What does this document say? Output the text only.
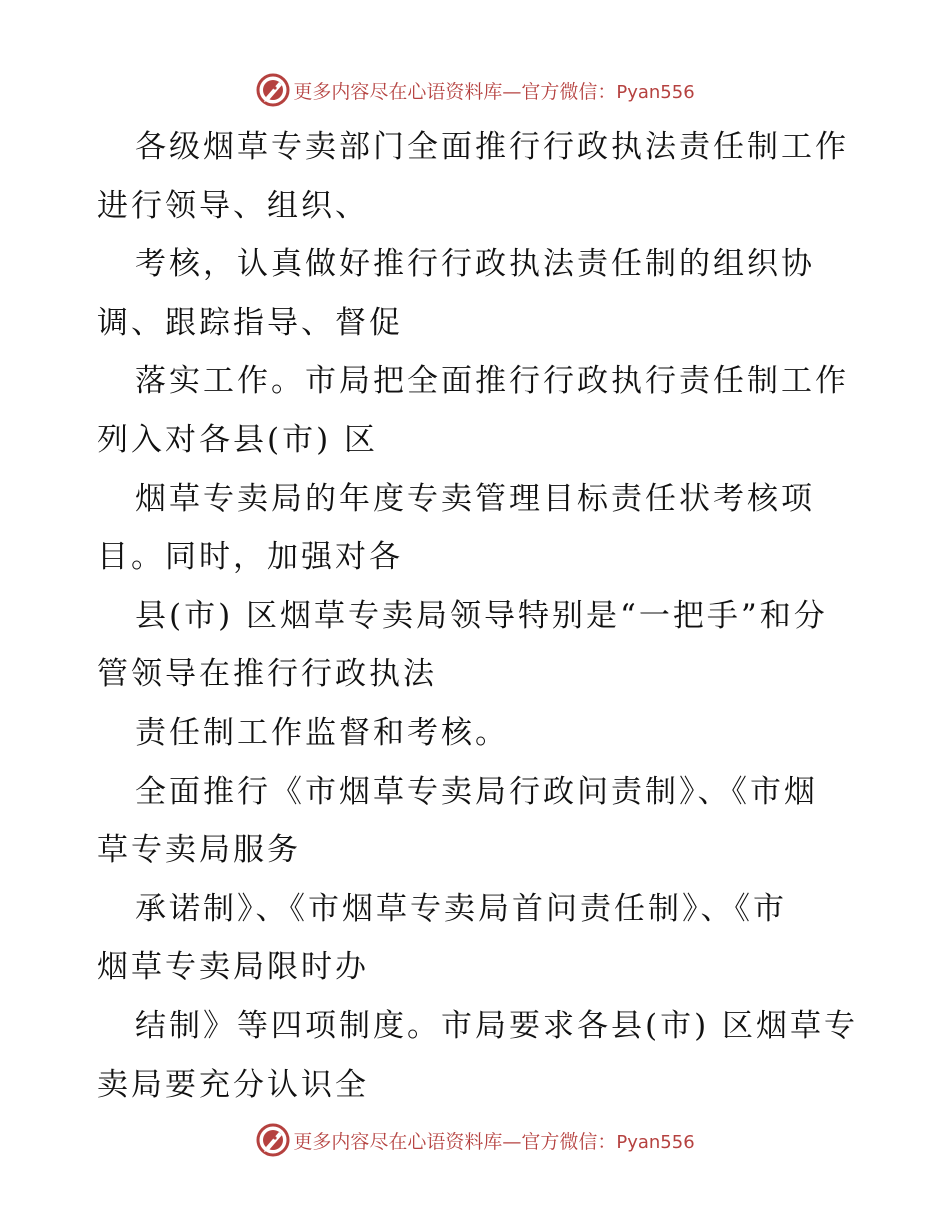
更多内容尽在心语资料库—官方微信：Pyan556
各级烟草专卖部门全面推行行政执法责任制工作
进行领导、组织、
考核，认真做好推行行政执法责任制的组织协
调、跟踪指导、督促
落实工作。市局把全面推行行政执行责任制工作
列入对各县(市) 区
烟草专卖局的年度专卖管理目标责任状考核项
目。同时，加强对各
县(市) 区烟草专卖局领导特别是“一把手”和分
管领导在推行行政执法
责任制工作监督和考核。
全面推行《市烟草专卖局行政问责制》、《市烟
草专卖局服务
承诺制》、《市烟草专卖局首问责任制》、《市
烟草专卖局限时办
结制》等四项制度。市局要求各县(市) 区烟草专
卖局要充分认识全
更多内容尽在心语资料库—官方微信：Pyan556
